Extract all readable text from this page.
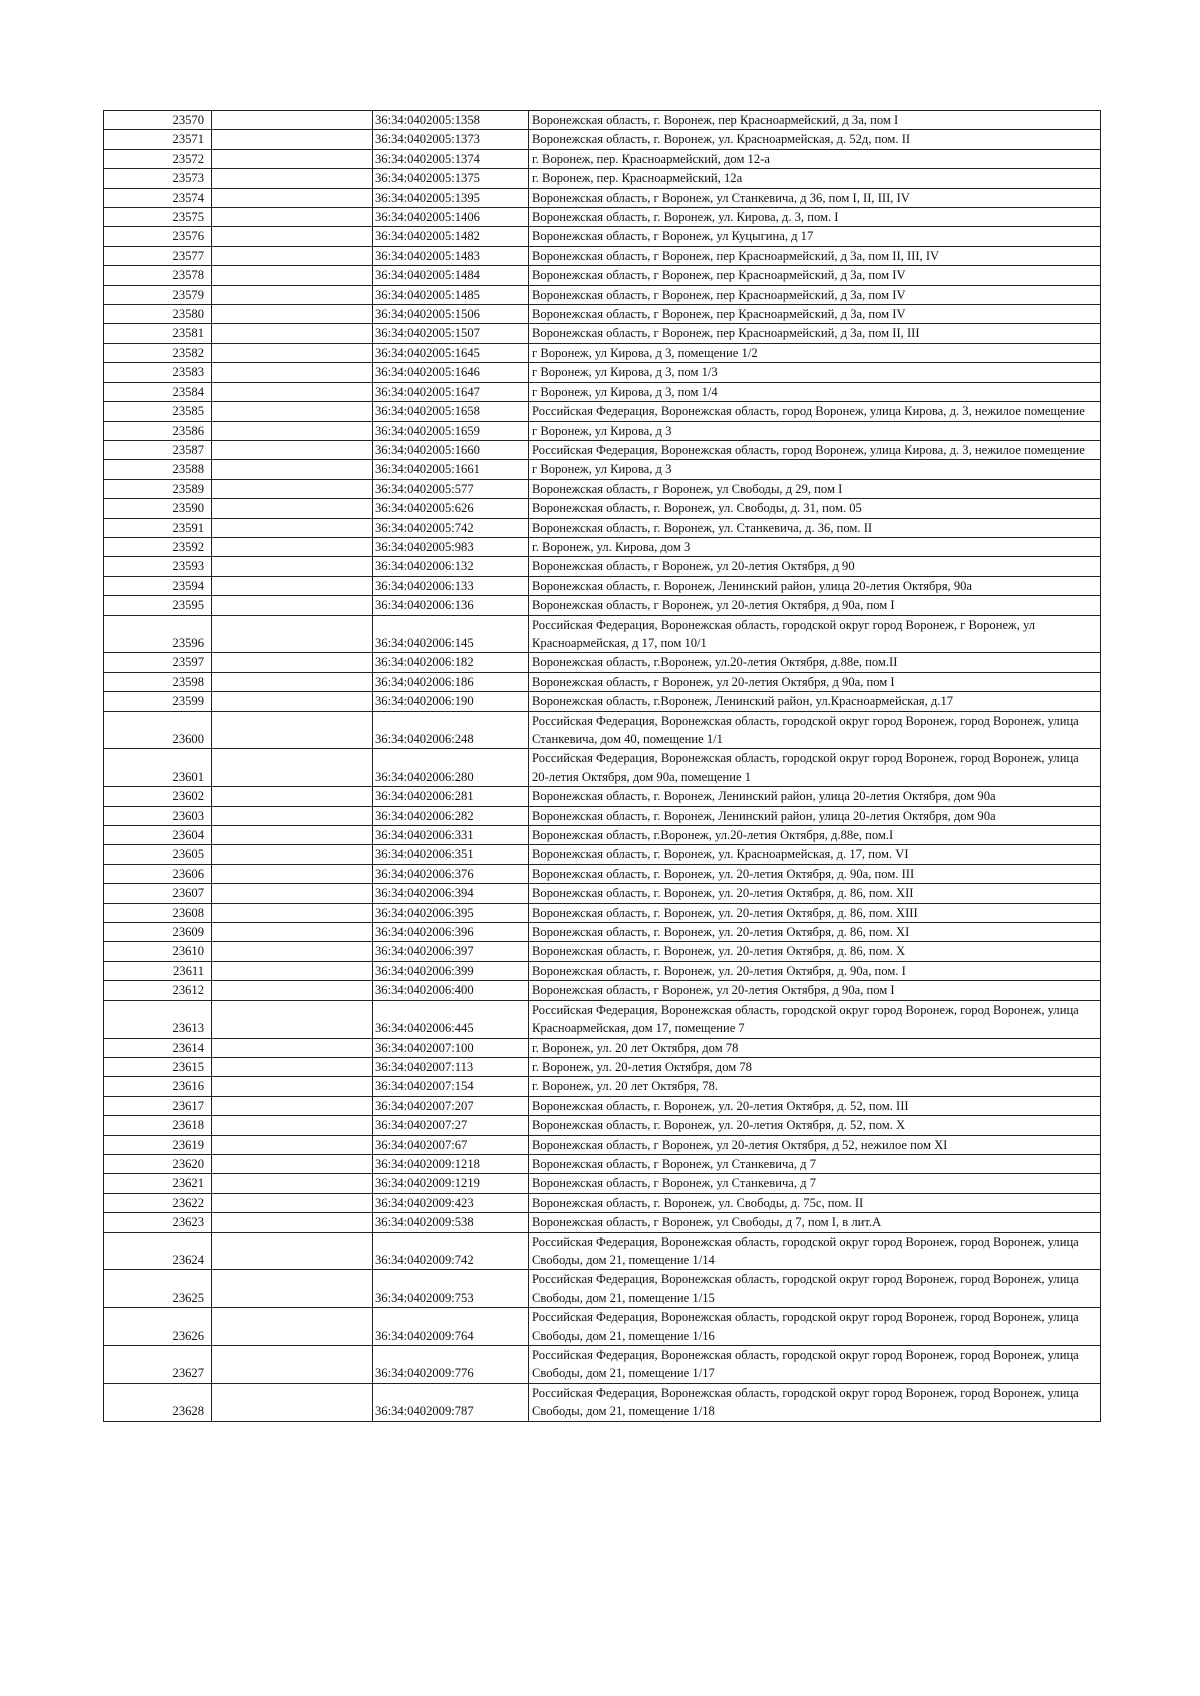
23570		36:34:0402005:1358	Воронежская область, г. Воронеж, пер Красноармейский, д 3а, пом I
23571		36:34:0402005:1373	Воронежская область, г. Воронеж, ул. Красноармейская, д. 52д, пом. II
23572		36:34:0402005:1374	г. Воронеж, пер. Красноармейский, дом 12-а
23573		36:34:0402005:1375	г. Воронеж, пер. Красноармейский, 12а
23574		36:34:0402005:1395	Воронежская область, г Воронеж, ул Станкевича, д 36, пом I, II, III, IV
23575		36:34:0402005:1406	Воронежская область, г. Воронеж, ул. Кирова, д. 3, пом. I
23576		36:34:0402005:1482	Воронежская область, г Воронеж, ул Куцыгина, д 17
23577		36:34:0402005:1483	Воронежская область, г Воронеж, пер Красноармейский, д 3а, пом II, III, IV
23578		36:34:0402005:1484	Воронежская область, г Воронеж, пер Красноармейский, д 3а, пом IV
23579		36:34:0402005:1485	Воронежская область, г Воронеж, пер Красноармейский, д 3а, пом IV
23580		36:34:0402005:1506	Воронежская область, г Воронеж, пер Красноармейский, д 3а, пом IV
23581		36:34:0402005:1507	Воронежская область, г Воронеж, пер Красноармейский, д 3а, пом II, III
23582		36:34:0402005:1645	г Воронеж, ул Кирова, д 3, помещение 1/2
23583		36:34:0402005:1646	г Воронеж, ул Кирова, д 3, пом 1/3
23584		36:34:0402005:1647	г Воронеж, ул Кирова, д 3, пом 1/4
23585		36:34:0402005:1658	Российская Федерация, Воронежская область, город Воронеж, улица Кирова, д. 3, нежилое помещение
23586		36:34:0402005:1659	г Воронеж, ул Кирова, д 3
23587		36:34:0402005:1660	Российская Федерация, Воронежская область, город Воронеж, улица Кирова, д. 3, нежилое помещение
23588		36:34:0402005:1661	г Воронеж, ул Кирова, д 3
23589		36:34:0402005:577	Воронежская область, г Воронеж, ул Свободы, д 29, пом I
23590		36:34:0402005:626	Воронежская область, г. Воронеж, ул. Свободы, д. 31, пом. 05
23591		36:34:0402005:742	Воронежская область, г. Воронеж, ул. Станкевича, д. 36, пом. II
23592		36:34:0402005:983	г. Воронеж, ул. Кирова, дом 3
23593		36:34:0402006:132	Воронежская область, г Воронеж, ул 20-летия Октября, д 90
23594		36:34:0402006:133	Воронежская область, г. Воронеж, Ленинский район, улица 20-летия Октября, 90а
23595		36:34:0402006:136	Воронежская область, г Воронеж, ул 20-летия Октября, д 90а, пом I
23596		36:34:0402006:145	Российская Федерация, Воронежская область, городской округ город Воронеж, г Воронеж, ул Красноармейская, д 17, пом 10/1
23597		36:34:0402006:182	Воронежская область, г.Воронеж, ул.20-летия Октября, д.88е, пом.II
23598		36:34:0402006:186	Воронежская область, г Воронеж, ул 20-летия Октября, д 90а, пом I
23599		36:34:0402006:190	Воронежская область, г.Воронеж, Ленинский район, ул.Красноармейская, д.17
23600		36:34:0402006:248	Российская Федерация, Воронежская область, городской округ город Воронеж, город Воронеж, улица Станкевича, дом 40, помещение 1/1
23601		36:34:0402006:280	Российская Федерация, Воронежская область, городской округ город Воронеж, город Воронеж, улица 20-летия Октября, дом 90а, помещение 1
23602		36:34:0402006:281	Воронежская область, г. Воронеж, Ленинский район, улица 20-летия Октября, дом 90а
23603		36:34:0402006:282	Воронежская область, г. Воронеж, Ленинский район, улица 20-летия Октября, дом 90а
23604		36:34:0402006:331	Воронежская область, г.Воронеж, ул.20-летия Октября, д.88е, пом.I
23605		36:34:0402006:351	Воронежская область, г. Воронеж, ул. Красноармейская, д. 17, пом. VI
23606		36:34:0402006:376	Воронежская область, г. Воронеж, ул. 20-летия Октября, д. 90а, пом. III
23607		36:34:0402006:394	Воронежская область, г. Воронеж, ул. 20-летия Октября, д. 86, пом. XII
23608		36:34:0402006:395	Воронежская область, г. Воронеж, ул. 20-летия Октября, д. 86, пом. XIII
23609		36:34:0402006:396	Воронежская область, г. Воронеж, ул. 20-летия Октября, д. 86, пом. XI
23610		36:34:0402006:397	Воронежская область, г. Воронеж, ул. 20-летия Октября, д. 86, пом. X
23611		36:34:0402006:399	Воронежская область, г. Воронеж, ул. 20-летия Октября, д. 90а, пом. I
23612		36:34:0402006:400	Воронежская область, г Воронеж, ул 20-летия Октября, д 90а, пом I
23613		36:34:0402006:445	Российская Федерация, Воронежская область, городской округ город Воронеж, город Воронеж, улица Красноармейская, дом 17, помещение 7
23614		36:34:0402007:100	г. Воронеж, ул. 20 лет Октября, дом 78
23615		36:34:0402007:113	г. Воронеж, ул. 20-летия Октября, дом 78
23616		36:34:0402007:154	г. Воронеж, ул. 20 лет Октября, 78.
23617		36:34:0402007:207	Воронежская область, г. Воронеж, ул. 20-летия Октября, д. 52, пом. III
23618		36:34:0402007:27	Воронежская область, г. Воронеж, ул. 20-летия Октября, д. 52, пом. X
23619		36:34:0402007:67	Воронежская область, г Воронеж, ул 20-летия Октября, д 52, нежилое пом XI
23620		36:34:0402009:1218	Воронежская область, г Воронеж, ул Станкевича, д 7
23621		36:34:0402009:1219	Воронежская область, г Воронеж, ул Станкевича, д 7
23622		36:34:0402009:423	Воронежская область, г. Воронеж, ул. Свободы, д. 75с, пом. II
23623		36:34:0402009:538	Воронежская область, г Воронеж, ул Свободы, д 7, пом I, в лит.А
23624		36:34:0402009:742	Российская Федерация, Воронежская область, городской округ город Воронеж, город Воронеж, улица Свободы, дом 21, помещение 1/14
23625		36:34:0402009:753	Российская Федерация, Воронежская область, городской округ город Воронеж, город Воронеж, улица Свободы, дом 21, помещение 1/15
23626		36:34:0402009:764	Российская Федерация, Воронежская область, городской округ город Воронеж, город Воронеж, улица Свободы, дом 21, помещение 1/16
23627		36:34:0402009:776	Российская Федерация, Воронежская область, городской округ город Воронеж, город Воронеж, улица Свободы, дом 21, помещение 1/17
23628		36:34:0402009:787	Российская Федерация, Воронежская область, городской округ город Воронеж, город Воронеж, улица Свободы, дом 21, помещение 1/18
